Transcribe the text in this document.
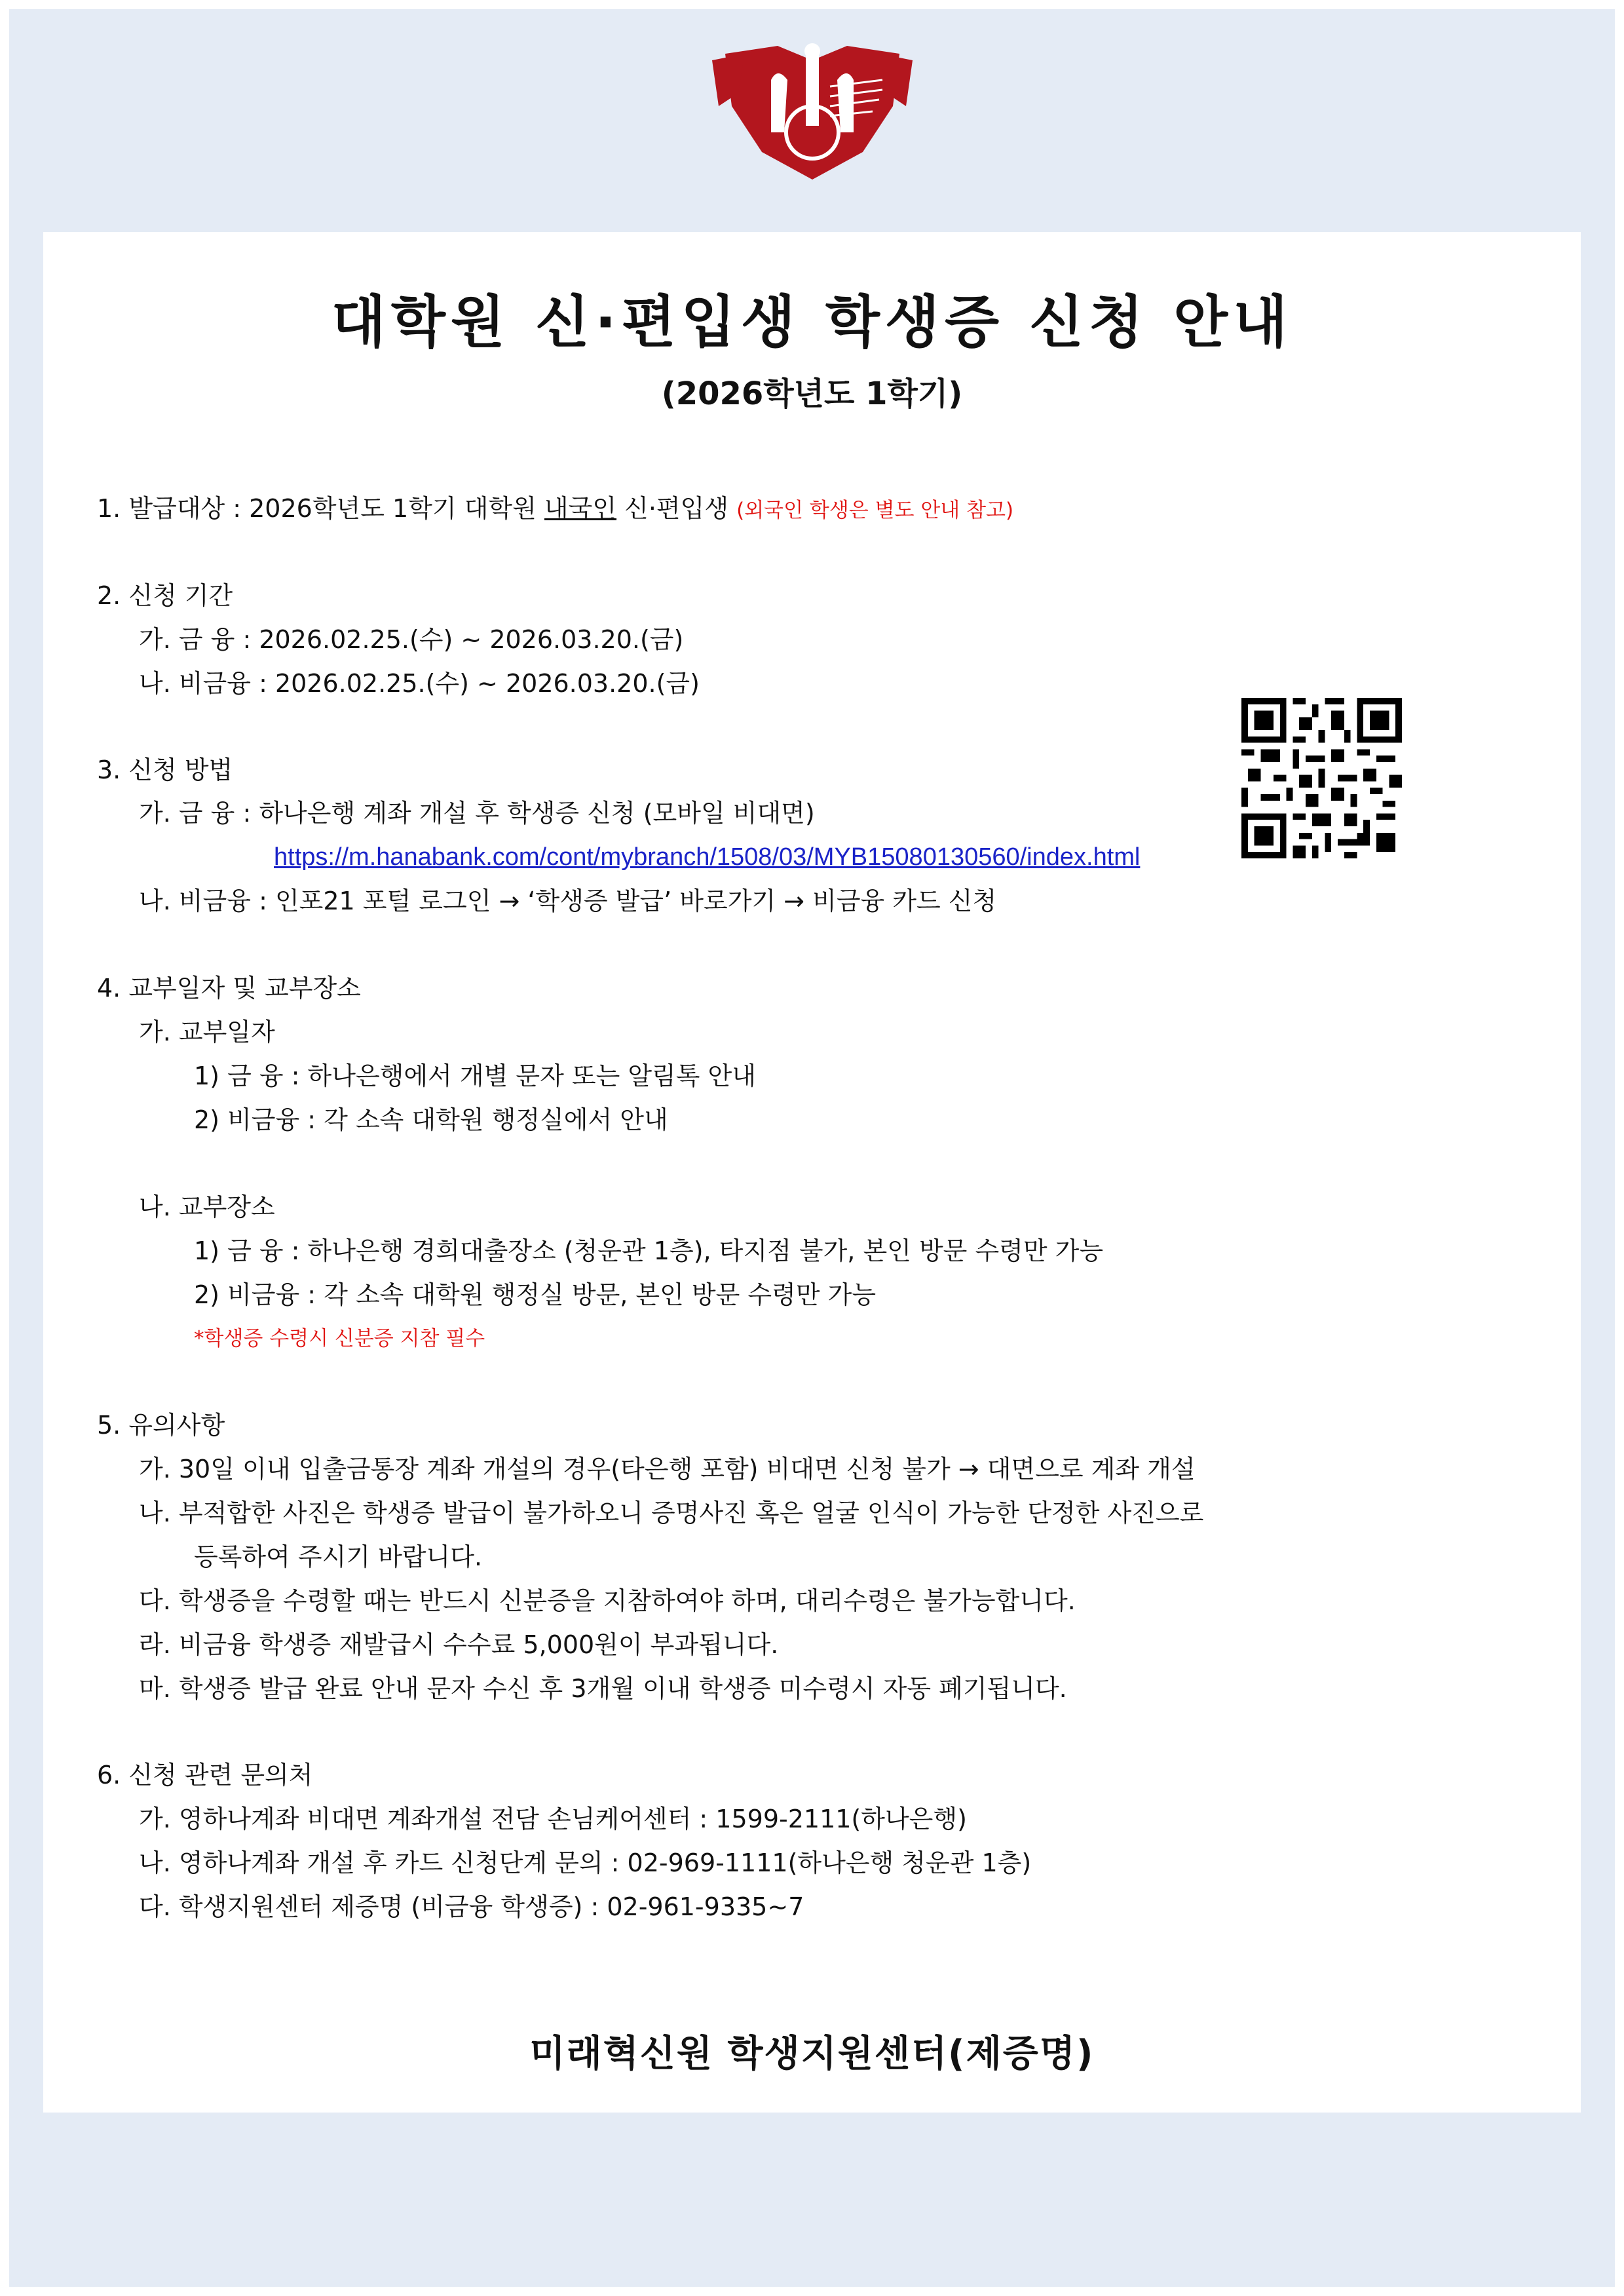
대학원 신·편입생 학생증 신청 안내
(2026학년도 1학기)
1. 발급대상 : 2026학년도 1학기 대학원 내국인 신·편입생 (외국인 학생은 별도 안내 참고)
2. 신청 기간
가. 금 융 : 2026.02.25.(수) ~ 2026.03.20.(금)
나. 비금융 : 2026.02.25.(수) ~ 2026.03.20.(금)
3. 신청 방법
가. 금 융 : 하나은행 계좌 개설 후 학생증 신청 (모바일 비대면)
https://m.hanabank.com/cont/mybranch/1508/03/MYB15080130560/index.html
나. 비금융 : 인포21 포털 로그인 → ‘학생증 발급’ 바로가기 → 비금융 카드 신청
4. 교부일자 및 교부장소
가. 교부일자
1) 금 융 : 하나은행에서 개별 문자 또는 알림톡 안내
2) 비금융 : 각 소속 대학원 행정실에서 안내
나. 교부장소
1) 금 융 : 하나은행 경희대출장소 (청운관 1층), 타지점 불가, 본인 방문 수령만 가능
2) 비금융 : 각 소속 대학원 행정실 방문, 본인 방문 수령만 가능
*학생증 수령시 신분증 지참 필수
5. 유의사항
가. 30일 이내 입출금통장 계좌 개설의 경우(타은행 포함) 비대면 신청 불가 → 대면으로 계좌 개설
나. 부적합한 사진은 학생증 발급이 불가하오니 증명사진 혹은 얼굴 인식이 가능한 단정한 사진으로
등록하여 주시기 바랍니다.
다. 학생증을 수령할 때는 반드시 신분증을 지참하여야 하며, 대리수령은 불가능합니다.
라. 비금융 학생증 재발급시 수수료 5,000원이 부과됩니다.
마. 학생증 발급 완료 안내 문자 수신 후 3개월 이내 학생증 미수령시 자동 폐기됩니다.
6. 신청 관련 문의처
가. 영하나계좌 비대면 계좌개설 전담 손님케어센터 : 1599-2111(하나은행)
나. 영하나계좌 개설 후 카드 신청단계 문의 : 02-969-1111(하나은행 청운관 1층)
다. 학생지원센터 제증명 (비금융 학생증) : 02-961-9335~7
미래혁신원 학생지원센터(제증명)
